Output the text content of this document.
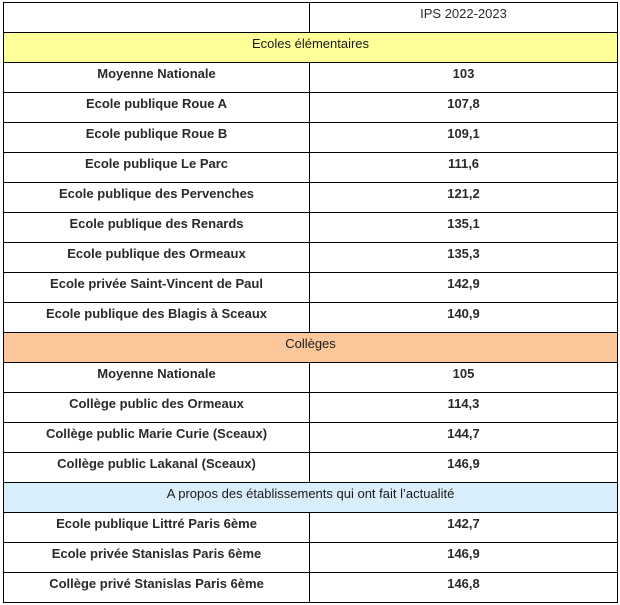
	IPS 2022-2023
Ecoles élémentaires	
Moyenne Nationale	103
Ecole publique Roue A	107,8
Ecole publique Roue B	109,1
Ecole publique Le Parc	111,6
Ecole publique des Pervenches	121,2
Ecole publique des Renards	135,1
Ecole publique des Ormeaux	135,3
Ecole privée Saint-Vincent de Paul	142,9
Ecole publique des Blagis à Sceaux	140,9
Collèges	
Moyenne Nationale	105
Collège public des Ormeaux	114,3
Collège public Marie Curie (Sceaux)	144,7
Collège public Lakanal (Sceaux)	146,9
A propos des établissements qui ont fait l’actualité	
Ecole publique Littré Paris 6ème	142,7
Ecole privée Stanislas Paris 6ème	146,9
Collège privé Stanislas Paris 6ème	146,8
